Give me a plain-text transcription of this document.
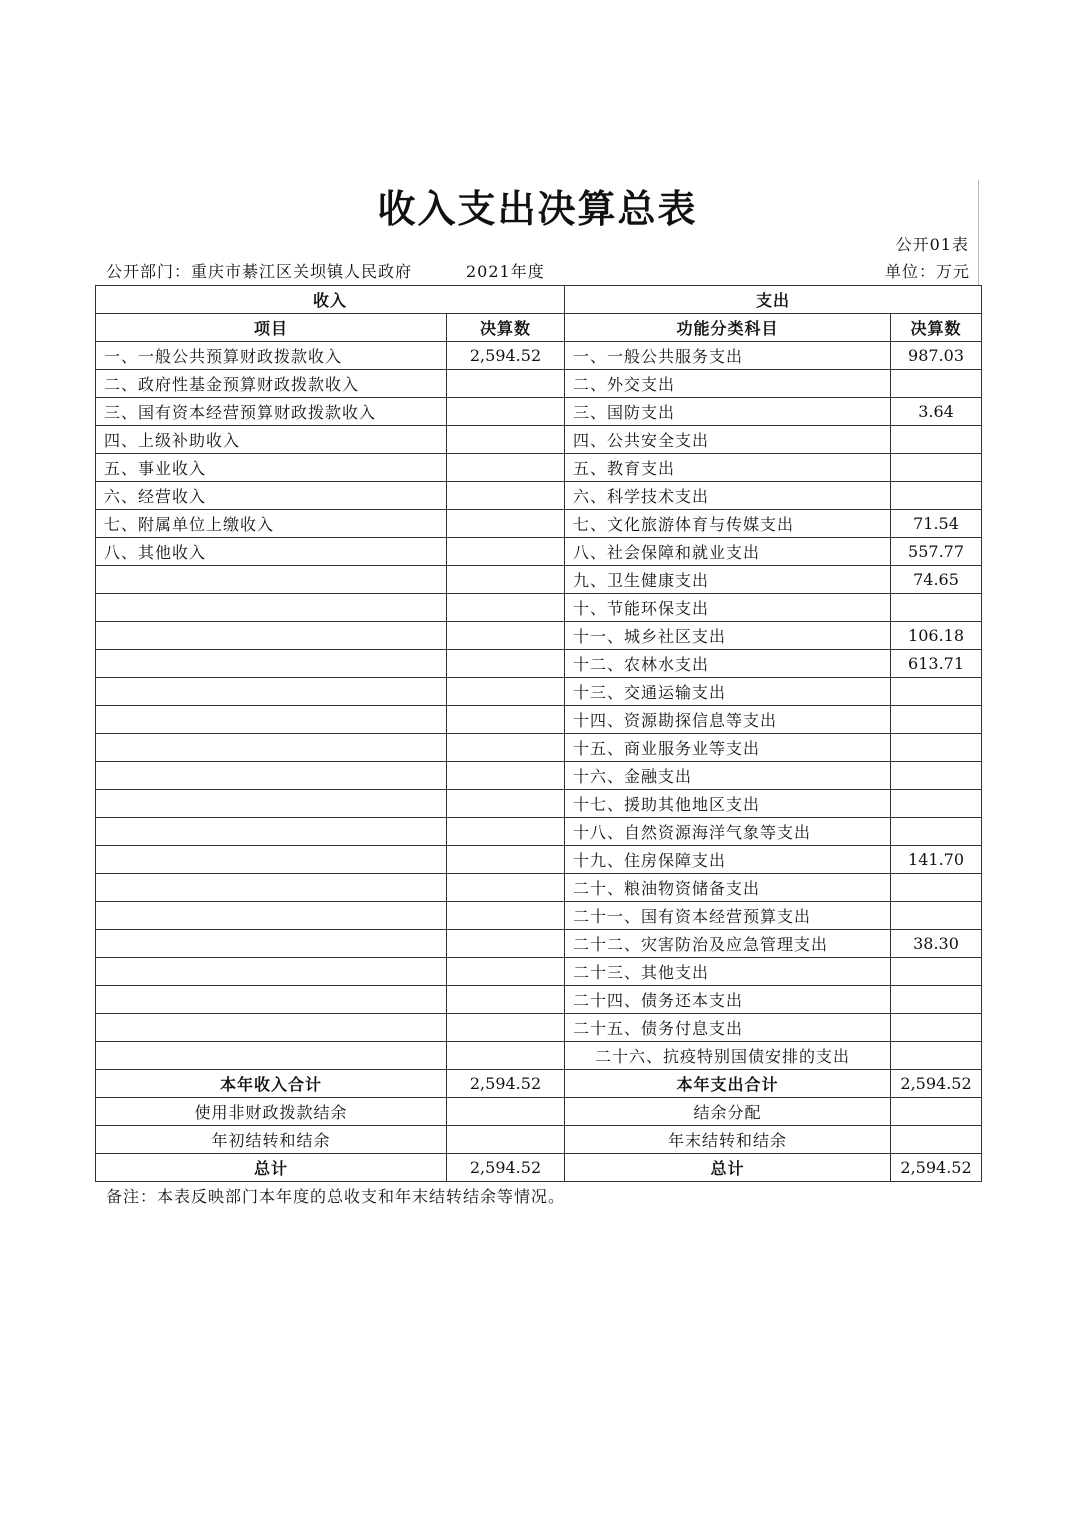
收入支出决算总表
公开01表
公开部门：重庆市綦江区关坝镇人民政府	2021年度	单位：万元
收入		支出	
项目	决算数	功能分类科目	决算数
一、一般公共预算财政拨款收入	2,594.52	一、一般公共服务支出	987.03
二、政府性基金预算财政拨款收入		二、外交支出	
三、国有资本经营预算财政拨款收入		三、国防支出	3.64
四、上级补助收入		四、公共安全支出	
五、事业收入		五、教育支出	
六、经营收入		六、科学技术支出	
七、附属单位上缴收入		七、文化旅游体育与传媒支出	71.54
八、其他收入		八、社会保障和就业支出	557.77
		九、卫生健康支出	74.65
		十、节能环保支出	
		十一、城乡社区支出	106.18
		十二、农林水支出	613.71
		十三、交通运输支出	
		十四、资源勘探信息等支出	
		十五、商业服务业等支出	
		十六、金融支出	
		十七、援助其他地区支出	
		十八、自然资源海洋气象等支出	
		十九、住房保障支出	141.70
		二十、粮油物资储备支出	
		二十一、国有资本经营预算支出	
		二十二、灾害防治及应急管理支出	38.30
		二十三、其他支出	
		二十四、债务还本支出	
		二十五、债务付息支出	
		二十六、抗疫特别国债安排的支出	
本年收入合计	2,594.52	本年支出合计	2,594.52
使用非财政拨款结余		结余分配	
年初结转和结余		年末结转和结余	
总计	2,594.52	总计	2,594.52
备注：本表反映部门本年度的总收支和年末结转结余等情况。
